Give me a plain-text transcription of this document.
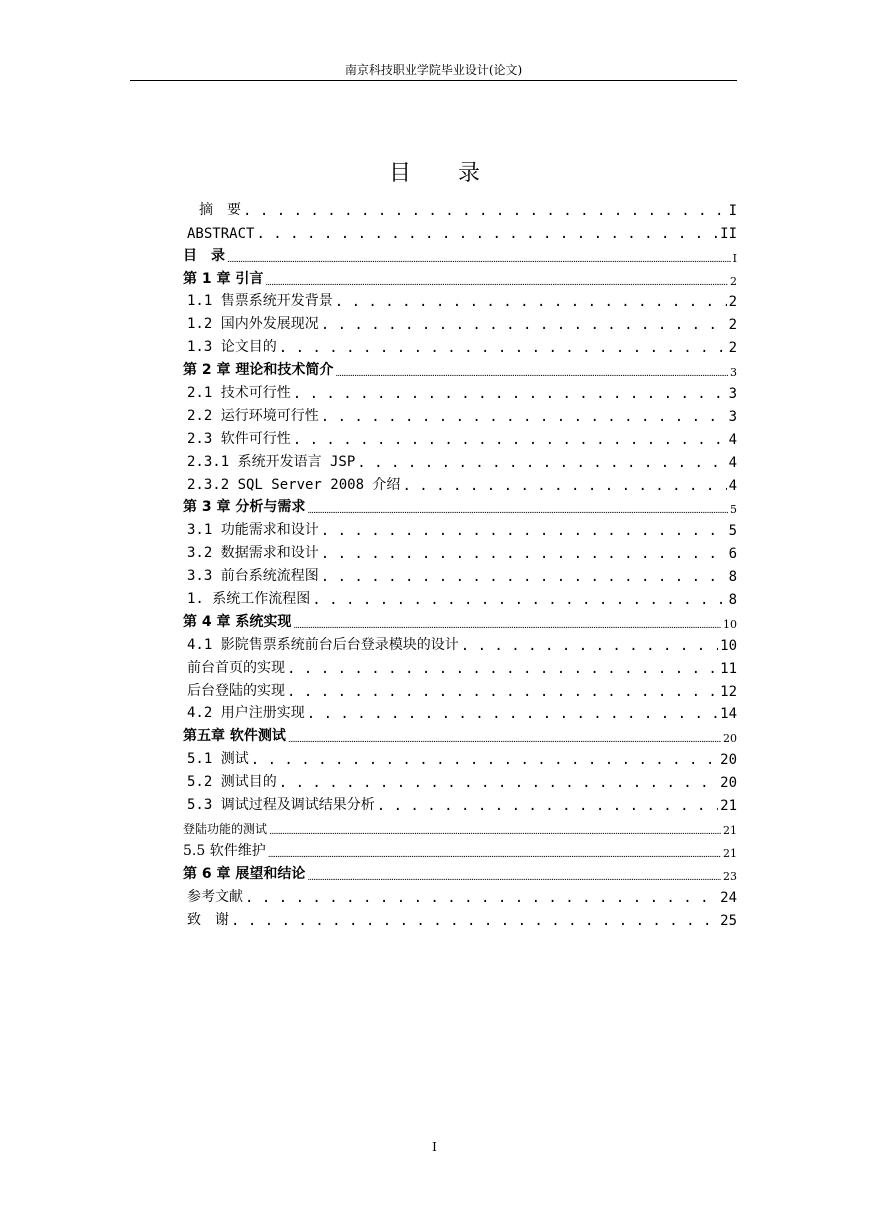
南京科技职业学院毕业设计(论文)
目 录
摘　要 . . .	I
ABSTRACT . . .	II
目　录 .....	I
第 1 章 引言 .....	2
1.1 售票系统开发背景 . . .	2
1.2 国内外发展现况 . . .	2
1.3 论文目的 . . .	2
第 2 章 理论和技术简介 .....	3
2.1 技术可行性 . . .	3
2.2 运行环境可行性 . . .	3
2.3 软件可行性 . . .	4
2.3.1 系统开发语言 JSP . . .	4
2.3.2 SQL Server 2008 介绍 . . .	4
第 3 章 分析与需求 .....	5
3.1 功能需求和设计 . . .	5
3.2 数据需求和设计 . . .	6
3.3 前台系统流程图 . . .	8
1. 系统工作流程图 . . .	8
第 4 章 系统实现 .....	10
4.1 影院售票系统前台后台登录模块的设计 . . .	10
前台首页的实现 . . .	11
后台登陆的实现 . . .	12
4.2 用户注册实现 . . .	14
第五章 软件测试 .....	20
5.1 测试 . . .	20
5.2 测试目的 . . .	20
5.3 调试过程及调试结果分析 . . .	21
登陆功能的测试 .....	21
5.5 软件维护 .....	21
第 6 章 展望和结论 .....	23
参考文献 . . .	24
致　谢 . . .	25
I
